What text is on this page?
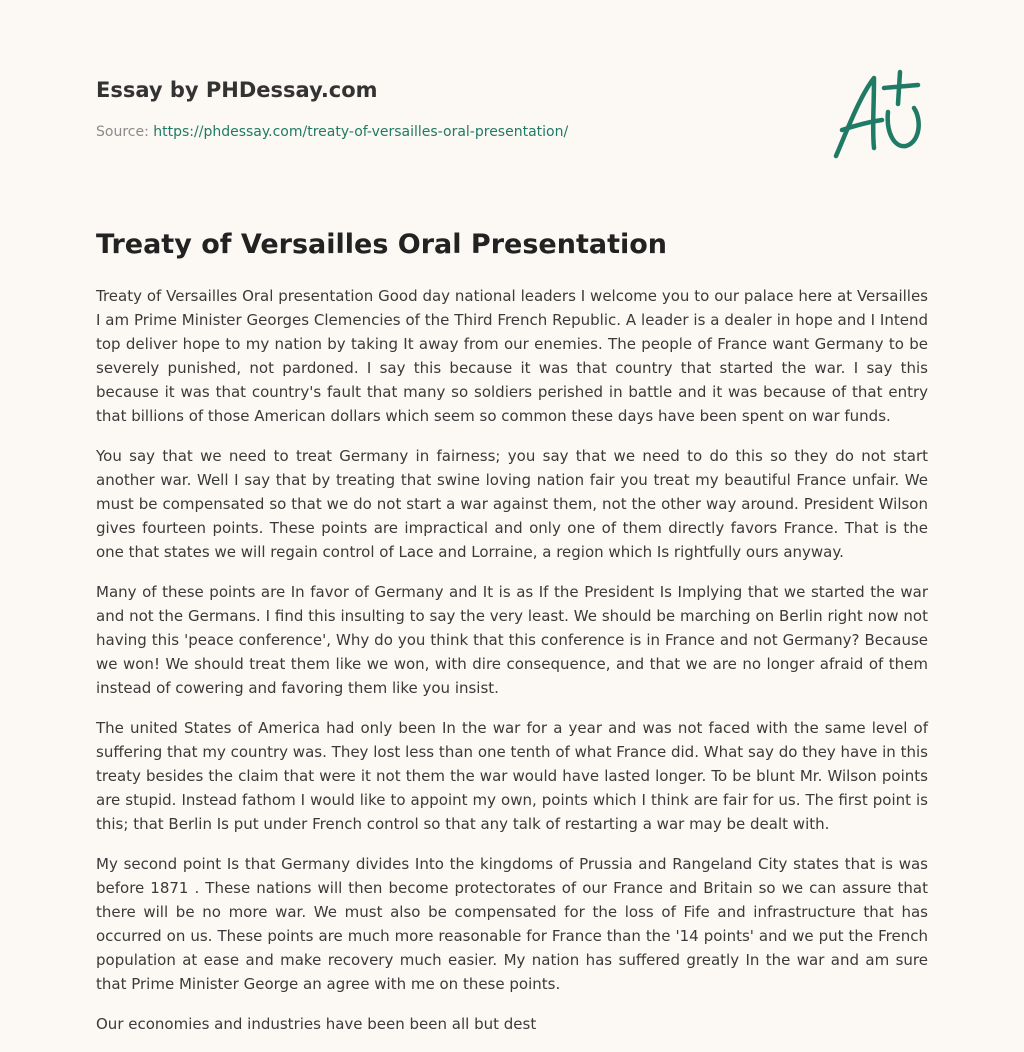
Essay by PHDessay.com
Source: https://phdessay.com/treaty-of-versailles-oral-presentation/
Treaty of Versailles Oral Presentation

Treaty of Versailles Oral presentation Good day national leaders I welcome you to our palace here at Versailles I am Prime Minister Georges Clemencies of the Third French Republic. A leader is a dealer in hope and I Intend top deliver hope to my nation by taking It away from our enemies. The people of France want Germany to be severely punished, not pardoned. I say this because it was that country that started the war. I say this because it was that country's fault that many so soldiers perished in battle and it was because of that entry that billions of those American dollars which seem so common these days have been spent on war funds.

You say that we need to treat Germany in fairness; you say that we need to do this so they do not start another war. Well I say that by treating that swine loving nation fair you treat my beautiful France unfair. We must be compensated so that we do not start a war against them, not the other way around. President Wilson gives fourteen points. These points are impractical and only one of them directly favors France. That is the one that states we will regain control of Lace and Lorraine, a region which Is rightfully ours anyway.

Many of these points are In favor of Germany and It is as If the President Is Implying that we started the war and not the Germans. I find this insulting to say the very least. We should be marching on Berlin right now not having this 'peace conference', Why do you think that this conference is in France and not Germany? Because we won! We should treat them like we won, with dire consequence, and that we are no longer afraid of them instead of cowering and favoring them like you insist.

The united States of America had only been In the war for a year and was not faced with the same level of suffering that my country was. They lost less than one tenth of what France did. What say do they have in this treaty besides the claim that were it not them the war would have lasted longer. To be blunt Mr. Wilson points are stupid. Instead fathom I would like to appoint my own, points which I think are fair for us. The first point is this; that Berlin Is put under French control so that any talk of restarting a war may be dealt with.

My second point Is that Germany divides Into the kingdoms of Prussia and Rangeland City states that is was before 1871 . These nations will then become protectorates of our France and Britain so we can assure that there will be no more war. We must also be compensated for the loss of Fife and infrastructure that has occurred on us. These points are much more reasonable for France than the '14 points' and we put the French population at ease and make recovery much easier. My nation has suffered greatly In the war and am sure that Prime Minister George an agree with me on these points.

Our economies and industries have been been all but dest
